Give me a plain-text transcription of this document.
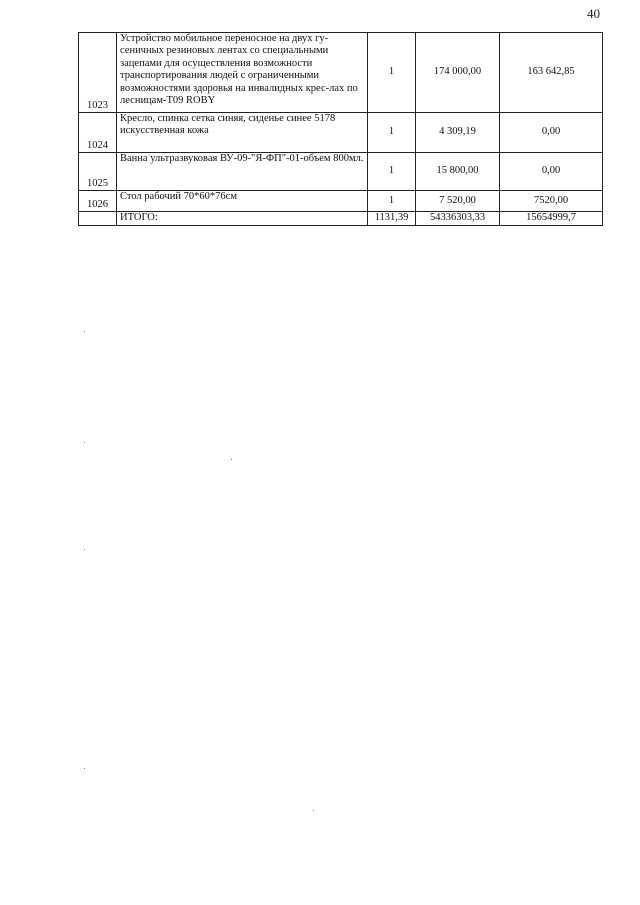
40
1023	Устройство мобильное переносное на двух гу-сеничных резиновых лентах со специальными зацепами для осуществления возможности транспортирования людей с ограниченными возможностями здоровья на инвалидных крес-лах по лесницам-Т09 ROBY	1	174 000,00	163 642,85
1024	Кресло, спинка сетка синяя, сиденье синее 5178 искусственная кожа	1	4 309,19	0,00
1025	Ванна ультразвуковая ВУ-09-"Я-ФП"-01-объем 800мл.	1	15 800,00	0,00
1026	Стол рабочий 70*60*76см	1	7 520,00	7520,00
	ИТОГО:	1131,39	54336303,33	15654999,7
